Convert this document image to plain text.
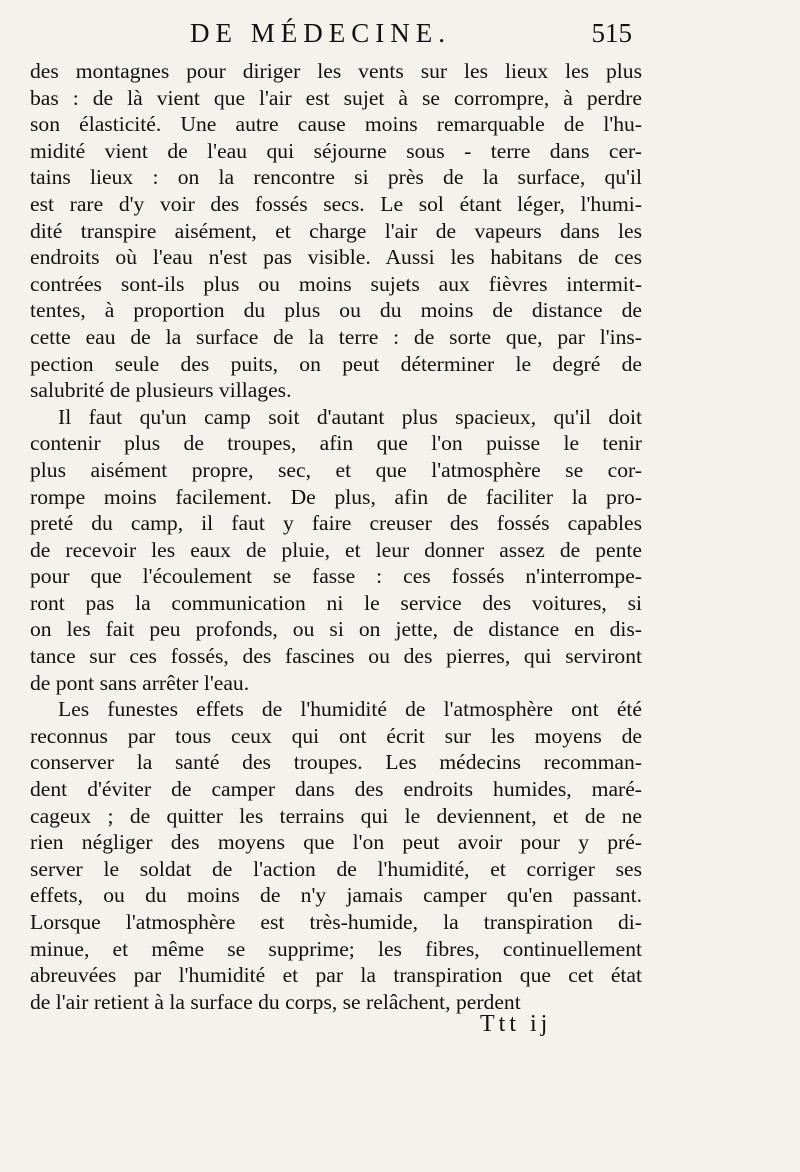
DE MÉDECINE.	515
des montagnes pour diriger les vents sur les lieux les plus
bas : de là vient que l'air est sujet à se corrompre, à perdre
son élasticité. Une autre cause moins remarquable de l'hu-
midité vient de l'eau qui séjourne sous - terre dans cer-
tains lieux : on la rencontre si près de la surface, qu'il
est rare d'y voir des fossés secs. Le sol étant léger, l'humi-
dité transpire aisément, et charge l'air de vapeurs dans les
endroits où l'eau n'est pas visible. Aussi les habitans de ces
contrées sont-ils plus ou moins sujets aux fièvres intermit-
tentes, à proportion du plus ou du moins de distance de
cette eau de la surface de la terre : de sorte que, par l'ins-
pection seule des puits, on peut déterminer le degré de
salubrité de plusieurs villages.
Il faut qu'un camp soit d'autant plus spacieux, qu'il doit
contenir plus de troupes, afin que l'on puisse le tenir
plus aisément propre, sec, et que l'atmosphère se cor-
rompe moins facilement. De plus, afin de faciliter la pro-
preté du camp, il faut y faire creuser des fossés capables
de recevoir les eaux de pluie, et leur donner assez de pente
pour que l'écoulement se fasse : ces fossés n'interrompe-
ront pas la communication ni le service des voitures, si
on les fait peu profonds, ou si on jette, de distance en dis-
tance sur ces fossés, des fascines ou des pierres, qui serviront
de pont sans arrêter l'eau.
Les funestes effets de l'humidité de l'atmosphère ont été
reconnus par tous ceux qui ont écrit sur les moyens de
conserver la santé des troupes. Les médecins recomman-
dent d'éviter de camper dans des endroits humides, maré-
cageux ; de quitter les terrains qui le deviennent, et de ne
rien négliger des moyens que l'on peut avoir pour y pré-
server le soldat de l'action de l'humidité, et corriger ses
effets, ou du moins de n'y jamais camper qu'en passant.
Lorsque l'atmosphère est très-humide, la transpiration di-
minue, et même se supprime; les fibres, continuellement
abreuvées par l'humidité et par la transpiration que cet état
de l'air retient à la surface du corps, se relâchent, perdent
Ttt ij
